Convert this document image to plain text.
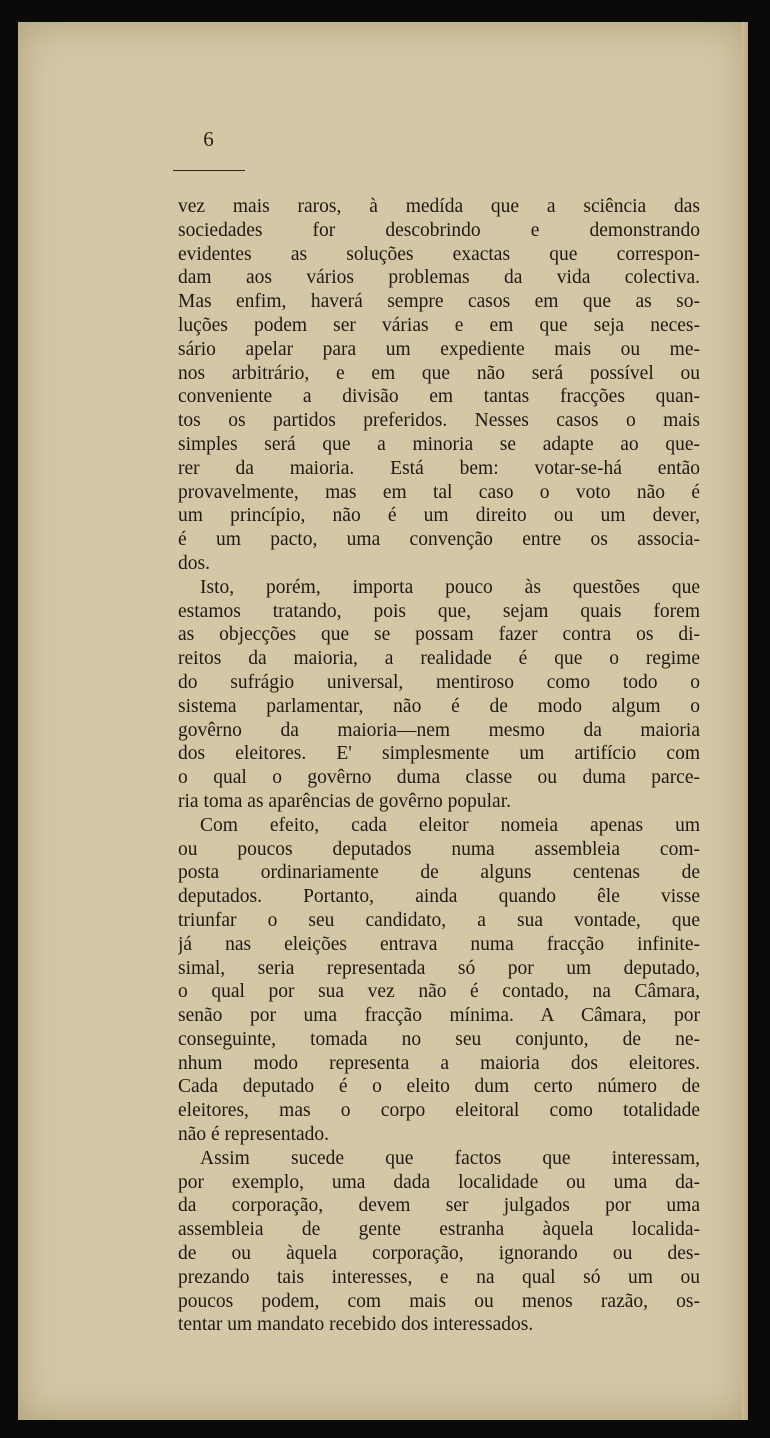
6
vez mais raros, à medída que a sciência das
sociedades for descobrindo e demonstrando
evidentes as soluções exactas que correspon-
dam aos vários problemas da vida colectiva.
Mas enfim, haverá sempre casos em que as so-
luções podem ser várias e em que seja neces-
sário apelar para um expediente mais ou me-
nos arbitrário, e em que não será possível ou
conveniente a divisão em tantas fracções quan-
tos os partidos preferidos. Nesses casos o mais
simples será que a minoria se adapte ao que-
rer da maioria. Está bem: votar-se-há então
provavelmente, mas em tal caso o voto não é
um princípio, não é um direito ou um dever,
é um pacto, uma convenção entre os associa-
dos.
Isto, porém, importa pouco às questões que
estamos tratando, pois que, sejam quais forem
as objecções que se possam fazer contra os di-
reitos da maioria, a realidade é que o regime
do sufrágio universal, mentiroso como todo o
sistema parlamentar, não é de modo algum o
govêrno da maioria—nem mesmo da maioria
dos eleitores. E' simplesmente um artifício com
o qual o govêrno duma classe ou duma parce-
ria toma as aparências de govêrno popular.
Com efeito, cada eleitor nomeia apenas um
ou poucos deputados numa assembleia com-
posta ordinariamente de alguns centenas de
deputados. Portanto, ainda quando êle visse
triunfar o seu candidato, a sua vontade, que
já nas eleições entrava numa fracção infinite-
simal, seria representada só por um deputado,
o qual por sua vez não é contado, na Câmara,
senão por uma fracção mínima. A Câmara, por
conseguinte, tomada no seu conjunto, de ne-
nhum modo representa a maioria dos eleitores.
Cada deputado é o eleito dum certo número de
eleitores, mas o corpo eleitoral como totalidade
não é representado.
Assim sucede que factos que interessam,
por exemplo, uma dada localidade ou uma da-
da corporação, devem ser julgados por uma
assembleia de gente estranha àquela localida-
de ou àquela corporação, ignorando ou des-
prezando tais interesses, e na qual só um ou
poucos podem, com mais ou menos razão, os-
tentar um mandato recebido dos interessados.
